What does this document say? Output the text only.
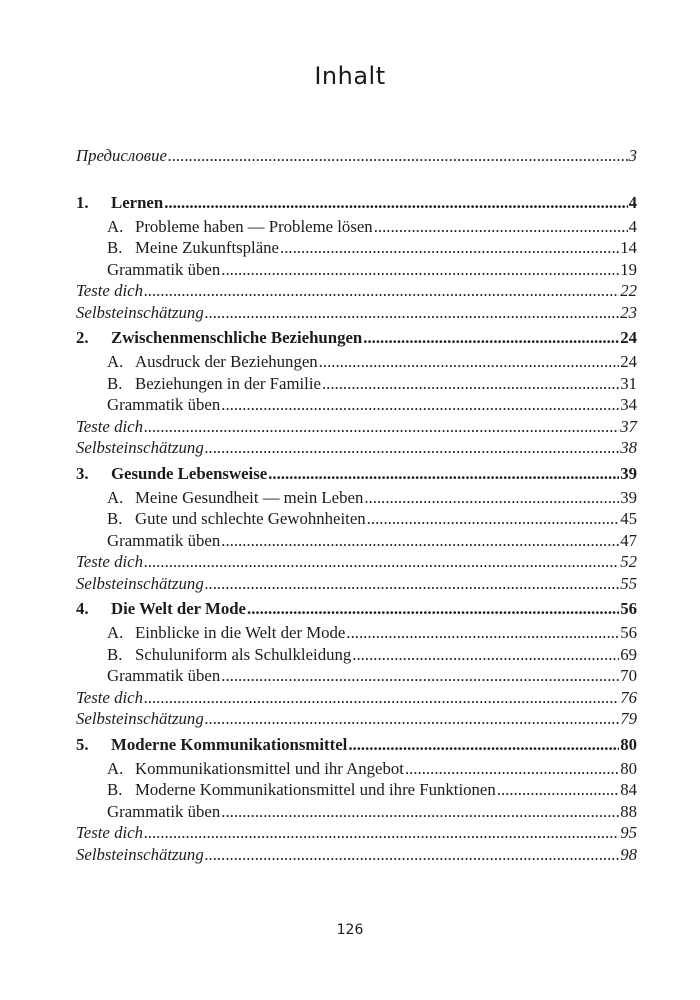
Inhalt
Предисловие .....	3
1. Lernen .....	4
A. Probleme haben — Probleme lösen .....	4
B. Meine Zukunftspläne .....	14
Grammatik üben .....	19
Teste dich .....	22
Selbsteinschätzung .....	23
2. Zwischenmenschliche Beziehungen .....	24
A. Ausdruck der Beziehungen .....	24
B. Beziehungen in der Familie .....	31
Grammatik üben .....	34
Teste dich .....	37
Selbsteinschätzung .....	38
3. Gesunde Lebensweise .....	39
A. Meine Gesundheit — mein Leben .....	39
B. Gute und schlechte Gewohnheiten .....	45
Grammatik üben .....	47
Teste dich .....	52
Selbsteinschätzung .....	55
4. Die Welt der Mode .....	56
A. Einblicke in die Welt der Mode .....	56
B. Schuluniform als Schulkleidung .....	69
Grammatik üben .....	70
Teste dich .....	76
Selbsteinschätzung .....	79
5. Moderne Kommunikationsmittel .....	80
A. Kommunikationsmittel und ihr Angebot .....	80
B. Moderne Kommunikationsmittel und ihre Funktionen .....	84
Grammatik üben .....	88
Teste dich .....	95
Selbsteinschätzung .....	98
126
